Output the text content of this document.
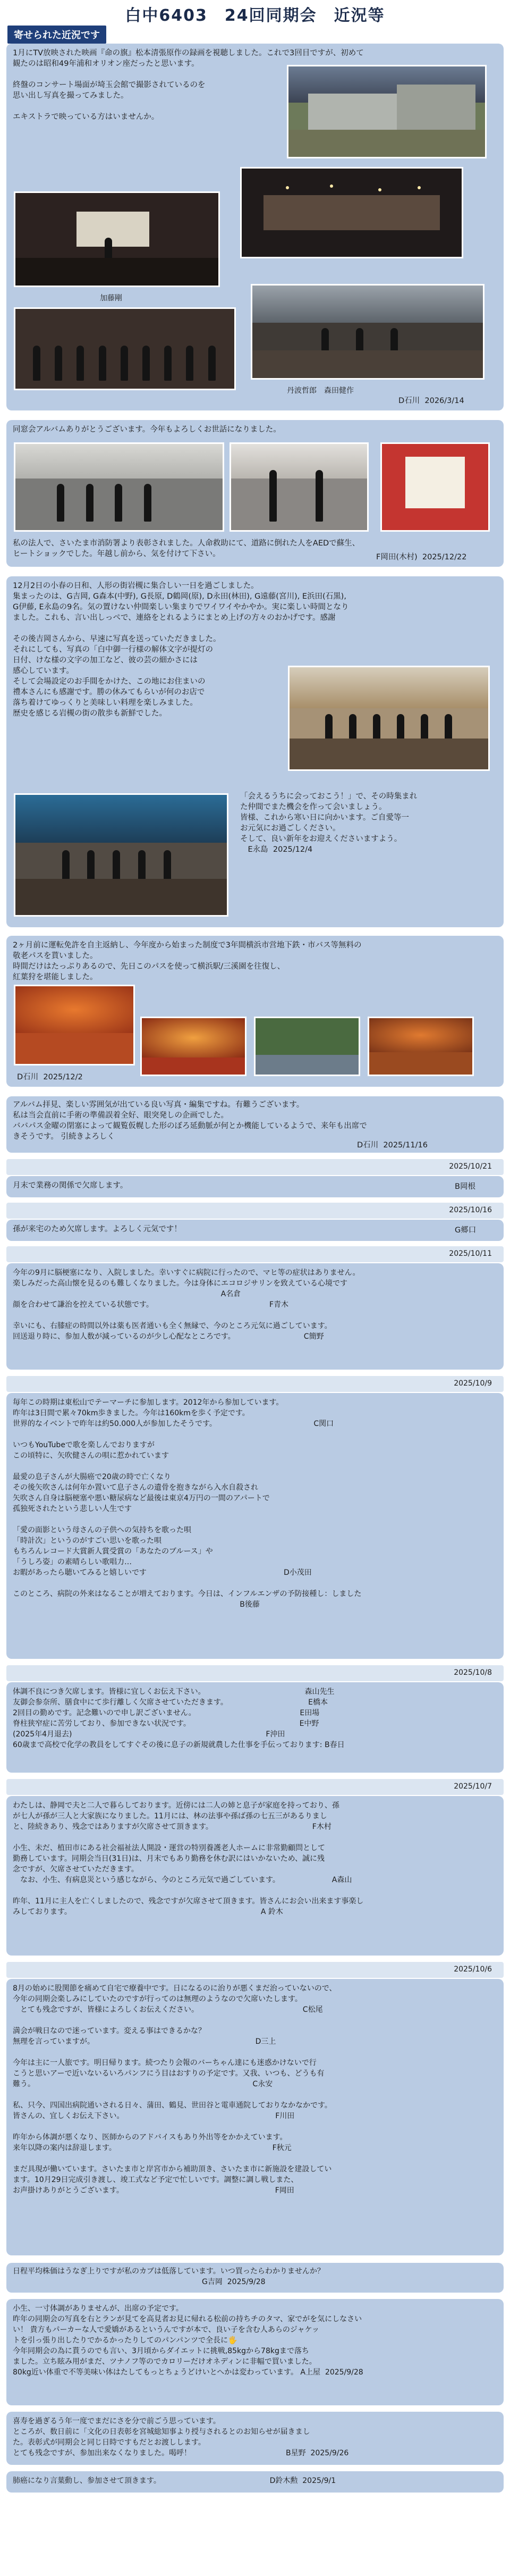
白中6403　24回同期会　近況等
寄せられた近況です
1月にTV放映された映画『命の旗』松本清張原作の録画を視聴しました。これで3回目ですが、初めて
観たのは昭和49年浦和オリオン座だったと思います。

終盤のコンサート場面が埼玉会館で撮影されているのを
思い出し写真を撮ってみました。

エキストラで映っている方はいませんか。
加藤剛
丹波哲郎　森田健作
D石川  2026/3/14
同窓会アルバムありがとうございます。今年もよろしくお世話になりました。
私の法人で、さいたま市消防署より表彰されました。人命救助にて、道路に倒れた人をAEDで蘇生、
ヒートショックでした。年越し前から、気を付けて下さい。	F岡田(木村)  2025/12/22
12月2日の小春の日和、人形の街岩槻に集合しい一日を過ごしました。
集まったのは、G吉岡, G森本(中野), G長原, D鶴岡(原), D永田(林田), G遠藤(宮川), E浜田(石黒),
G伊藤, E永島の9名。気の置けない仲間楽しい集まりでワイワイやかやか。実に楽しい時間となり
ました。これも、言い出しっぺで、連絡をとれるようにまとめ上げの方々のおかげです。感謝

その後吉岡さんから、早速に写真を送っていただきました。
それにしても、写真の「白中御一行様の解体文字が提灯の
日付、けな様の文字の加工など、彼の芸の細かさには
感心しています。
そして会場設定のお手間をかけた、この地にお住まいの
禮本さんにも感謝です。勝の休みてもらいが何のお店で
落ち着けてゆっくりと美味しい料理を楽しみました。
歴史を感じる岩槻の街の散歩も新鮮でした。
「会えるうちに会っておこう！」で、その時集まれ
た仲間でまた機会を作って会いましょう。
皆様、これから寒い日に向かいます。ご自愛等一
お元気にお過ごしください。
そして、良い新年をお迎えくださいますよう。
　E永島  2025/12/4
2ヶ月前に運転免許を自主返納し、今年度から始まった制度で3年間横浜市営地下鉄・市バス等無料の
敬老パスを貰いました。
時間だけはたっぷりあるので、先日このパスを使って横浜駅/三溪園を往復し、
紅葉狩を堪能しました。
D石川  2025/12/2
アルバム拝見、楽しい雰囲気が出ている良い写真・編集ですね。有難うございます。
私は当会直前に手術の準備誤着全好、眼突発しの企画でした。
ババパス金曜の閉塞によって観覧仮幌した形のぼろ延動脈が何とか機能しているようで、来年も出席で
きそうです。 引続きよろしく
D石川  2025/11/16
2025/10/21
月末で業務の関係で欠席します。	B岡根
2025/10/16
孫が来宅のため欠席します。よろしく元気です！	G郷口
2025/10/11
今年の9月に脳梗塞になり、入院しました。幸いすぐに病院に行ったので、マヒ等の症状はありません。
楽しみだった高山懐を見るのも難しくなりました。今は身体にエコロジサリンを致えている心境です
A名倉
顔を合わせて謙治を控えている状態です。                                                 F青木

幸いにも、右膝症の時間以外は薬も医者通いも全く無縁で、今のところ元気に過ごしています。
回送退り時に、参加人数が減っているのが少し心配なところです。                             C簡野
2025/10/9
毎年この時期は東松山でテーマーチに参加します。2012年から参加しています。
昨年は3日間で累々70km歩きました。今年は160kmを歩く予定です。
世界的なイベントで昨年は約50.000人が参加したそうです。                                         C関口

いつもYouTubeで歌を楽しんでおりますが
この頃特に、矢吹健さんの唄に惹かれています

最愛の息子さんが大腸癌で20歳の時で亡くなり
その後矢吹さんは何年か置いて息子さんの遺骨を抱きながら入水自殺され
矢吹さん自身は脳梗塞や悪い糖尿病など最後は東京4万円の一間のアパートで
孤独死されたという悲しい人生です

「愛の面影という母さんの子供への気持ちを歌った唄
「時計次」というのがすごい思いを歌った唄
もちろんレコード大賞新人賞受賞の「あなたのブルース」や
「うしろ姿」の素晴らしい歌唱力…
お暇があったら聴いてみると嬉しいです                                                          D小茂田

このところ、病院の外来はなることが増えております。今日は、インフルエンザの予防接種し：しました
B後藤
2025/10/8
体調不良につき欠席します。皆様に宜しくお伝え下さい。                                          森山先生
友御会参奈所、膳食中にて歩行離しく欠席させていただきます。                                  E橋本
2回目の勤めです。記念難いので申し訳ございません。                                            E田場
脊柱狭窄症に苦労しており、参加できない状況です。                                              E中野
(2025年4月退去)                                                                                  F沖田
60歳まで高校で化学の教員をしてすぐその後に息子の新規就農した仕事を手伝っております: B春日
2025/10/7
わたしは、静岡で夫と二人で暮らしております。近傍には二人の姉と息子が家庭を持っており、孫
が七人が孫が三人と大家族になりました。11月には、林の法事や孫ば孫の七五三があるりまし
と、陸続きあり、残念ではありますが欠席させて頂きます。                                          F木村

小生、未だ、植田市にある社会福祉法人開設・運営の特別養護老人ホームに非常勤顧問として
勤務しています。同期会当日(31日)は、月末でもあり勤務を休む訳にはいかないため、誠に残
念ですが、欠席させていただきます。
　なお、小生、有病息災という感じながら、今のところ元気で過ごしています。                      A森山

昨年、11月に主人を亡くしましたので、残念ですが欠席させて頂きます。皆さんにお会い出来ます事楽し
みしております。                                                                                A 鈴木
2025/10/6
8月の始めに股関節を痛めて自宅で療養中です。日になるのに治りが悪くまだ治っていないので、
今年の同期会楽しみにしていたのですが行ってのは無理のようなので欠席いたします。
　とても残念ですが、皆様によろしくお伝えください。                                            C松尾

満会が戦日なので迷っています。変える事はできるかな？
無理を言っていますが。                                                                    D三上

今年は主に一人旅です。明日帰ります。続つたり会報のバーちゃん達にも迷惑かけないで行
こうと思いアーで近いないるいろパンフにう目はおすりの予定です。又我、いつも、どうも有
難う。                                                                                            C永安

私、只今、四国出病院通いされる日々、蒲田、鶴見、世田谷と電車通院しておりなかなかです。
皆さんの、宜しくお伝え下さい。                                                                F川田

昨年から体調が悪くなり、医師からのアドバイスもあり外出等をかかえています。
来年以降の案内は辞退します。                                                                  F秋元

まだ具現が働いています。さいたま市と岸宮市から補助頂き、さいたま市に新施設を建設してい
ます。10月29日完成引き渡し、竣工式など予定で忙しいです。調整に調し戦しまた、
お声掛けありがとうございます。                                                                F岡田
日程平均株価はうなぎ上りですが私のカブは低落しています。いつ買ったらわかりませんか？
G吉岡  2025/9/28
小生、一寸体調がありませんが、出席の予定です。
昨年の同期会の写真を右とランが見てを高見者お見に帰れる松前の持ちチのタマ、家でがを気にしなさい
い！ 貴方もパーカーな人で愛嬌があるというんですが本で、良い子を含む人あらのジャケッ
トを引っ張り出したりでかるかったりしてのパンパンツで全長に🖐
今年同期会の為に貰うのでも言い、3月頃からダイエットに挑戦,85kgから78kgまで落ち
ました。立ち眩み用がまだ、ツナノフ等のでカロリーだけオネディンに非幅で買いました。
80kg近い体重で不等美味い体はたしてもっとちょうどけいとへかは変わっています。 A上屋  2025/9/28
喜寿を過ぎるう年一度でまだにさを分で前ごう思っています。
ところが、数日前に「文化の日表彰を宮城総知事より授与されるとのお知らせが届きまし
た。表彰式が同期会と同じ日時ですもだとお渡しします。
とても残念ですが、参加出来なくなりました。喝呼！                                        B星野  2025/9/26
肺癌になり言葉動し、参加させて頂きます。                                              D鈴木勲  2025/9/1
